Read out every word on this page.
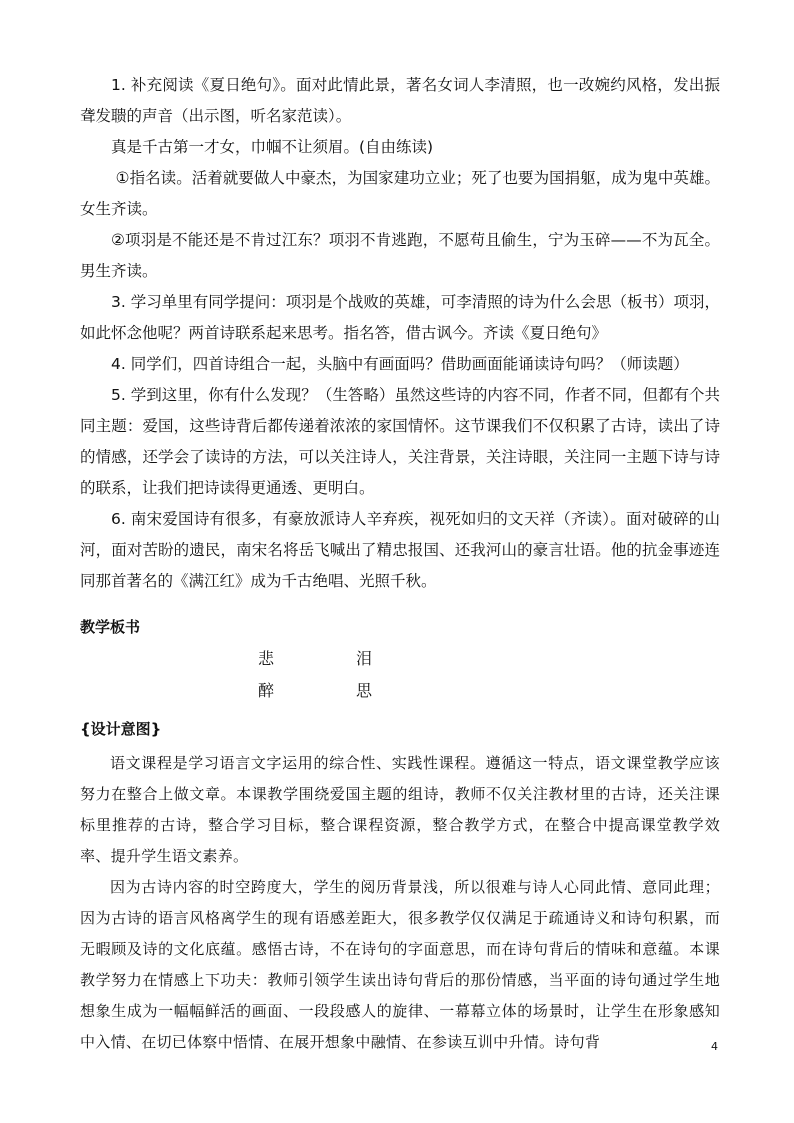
1. 补充阅读《夏日绝句》。面对此情此景，著名女词人李清照，也一改婉约风格，发出振聋发聩的声音（出示图，听名家范读）。

真是千古第一才女，巾帼不让须眉。(自由练读)

①指名读。活着就要做人中豪杰，为国家建功立业；死了也要为国捐躯，成为鬼中英雄。女生齐读。

②项羽是不能还是不肯过江东？项羽不肯逃跑，不愿苟且偷生，宁为玉碎——不为瓦全。男生齐读。

3. 学习单里有同学提问：项羽是个战败的英雄，可李清照的诗为什么会思（板书）项羽，如此怀念他呢？两首诗联系起来思考。指名答，借古讽今。齐读《夏日绝句》

4. 同学们，四首诗组合一起，头脑中有画面吗？借助画面能诵读诗句吗？（师读题）

5. 学到这里，你有什么发现？（生答略）虽然这些诗的内容不同，作者不同，但都有个共同主题：爱国，这些诗背后都传递着浓浓的家国情怀。这节课我们不仅积累了古诗，读出了诗的情感，还学会了读诗的方法，可以关注诗人，关注背景，关注诗眼，关注同一主题下诗与诗的联系，让我们把诗读得更通透、更明白。

6. 南宋爱国诗有很多，有豪放派诗人辛弃疾，视死如归的文天祥（齐读）。面对破碎的山河，面对苦盼的遗民，南宋名将岳飞喊出了精忠报国、还我河山的豪言壮语。他的抗金事迹连同那首著名的《满江红》成为千古绝唱、光照千秋。

教学板书
悲	泪
醉	思
{设计意图}

语文课程是学习语言文字运用的综合性、实践性课程。遵循这一特点，语文课堂教学应该努力在整合上做文章。本课教学围绕爱国主题的组诗，教师不仅关注教材里的古诗，还关注课标里推荐的古诗，整合学习目标，整合课程资源，整合教学方式，在整合中提高课堂教学效率、提升学生语文素养。

因为古诗内容的时空跨度大，学生的阅历背景浅，所以很难与诗人心同此情、意同此理；因为古诗的语言风格离学生的现有语感差距大，很多教学仅仅满足于疏通诗义和诗句积累，而无暇顾及诗的文化底蕴。感悟古诗，不在诗句的字面意思，而在诗句背后的情味和意蕴。本课教学努力在情感上下功夫：教师引领学生读出诗句背后的那份情感，当平面的诗句通过学生地想象生成为一幅幅鲜活的画面、一段段感人的旋律、一幕幕立体的场景时，让学生在形象感知中入情、在切已体察中悟情、在展开想象中融情、在参读互训中升情。诗句背	4
